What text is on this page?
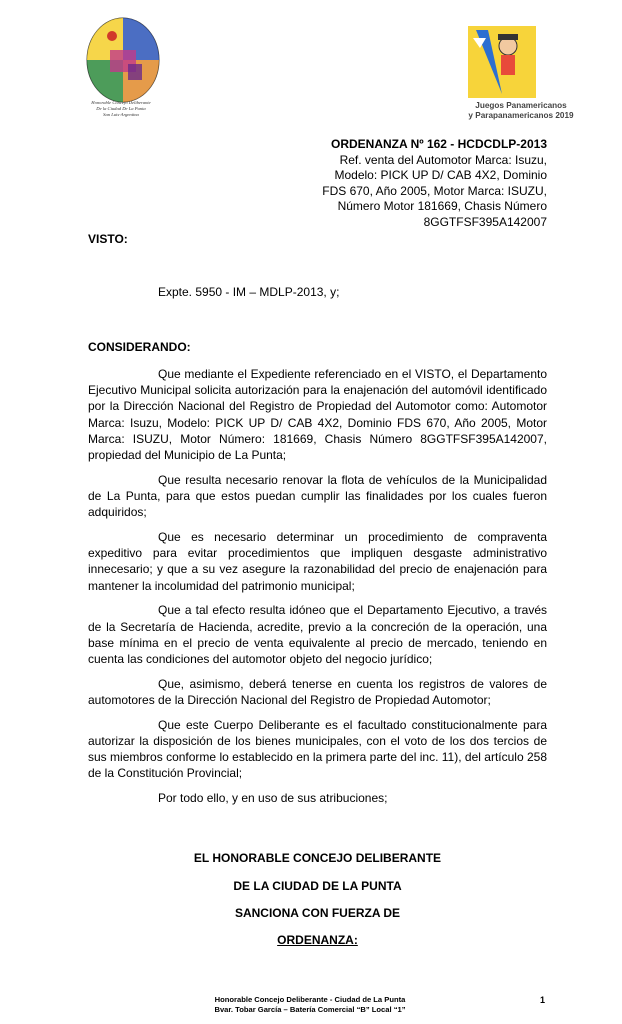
Honorable Concejo Deliberante
De la Ciudad De La Punta
San Luis-Argentina
Juegos Panamericanos
y Parapanamericanos 2019
ORDENANZA Nº 162 - HCDCDLP-2013
Ref. venta del Automotor Marca: Isuzu,
Modelo: PICK UP D/ CAB 4X2, Dominio
FDS 670, Año 2005, Motor Marca: ISUZU,
Número Motor 181669, Chasis Número
8GGTFSF395A142007
VISTO:
Expte. 5950 - IM – MDLP-2013, y;
CONSIDERANDO:

Que mediante el Expediente referenciado en el VISTO, el Departamento Ejecutivo Municipal solicita autorización para la enajenación del automóvil identificado por la Dirección Nacional del Registro de Propiedad del Automotor como: Automotor Marca: Isuzu, Modelo: PICK UP D/ CAB 4X2, Dominio FDS 670, Año 2005, Motor Marca: ISUZU, Motor Número: 181669, Chasis Número 8GGTFSF395A142007, propiedad del Municipio de La Punta;

Que resulta necesario renovar la flota de vehículos de la Municipalidad de La Punta, para que estos puedan cumplir las finalidades por los cuales fueron adquiridos;

Que es necesario determinar un procedimiento de compraventa expeditivo para evitar procedimientos que impliquen desgaste administrativo innecesario; y que a su vez asegure la razonabilidad del precio de enajenación para mantener la incolumidad del patrimonio municipal;

Que a tal efecto resulta idóneo que el Departamento Ejecutivo, a través de la Secretaría de Hacienda, acredite, previo a la concreción de la operación, una base mínima en el precio de venta equivalente al precio de mercado, teniendo en cuenta las condiciones del automotor objeto del negocio jurídico;

Que, asimismo, deberá tenerse en cuenta los registros de valores de automotores de la Dirección Nacional del Registro de Propiedad Automotor;

Que este Cuerpo Deliberante es el facultado constitucionalmente para autorizar la disposición de los bienes municipales, con el voto de los dos tercios de sus miembros conforme lo establecido en la primera parte del inc. 11), del artículo 258 de la Constitución Provincial;

Por todo ello, y en uso de sus atribuciones;

EL HONORABLE CONCEJO DELIBERANTE
DE LA CIUDAD DE LA PUNTA
SANCIONA CON FUERZA DE
ORDENANZA:
Honorable Concejo Deliberante - Ciudad de La Punta
Bvar. Tobar García – Batería Comercial “B” Local “1”
1
